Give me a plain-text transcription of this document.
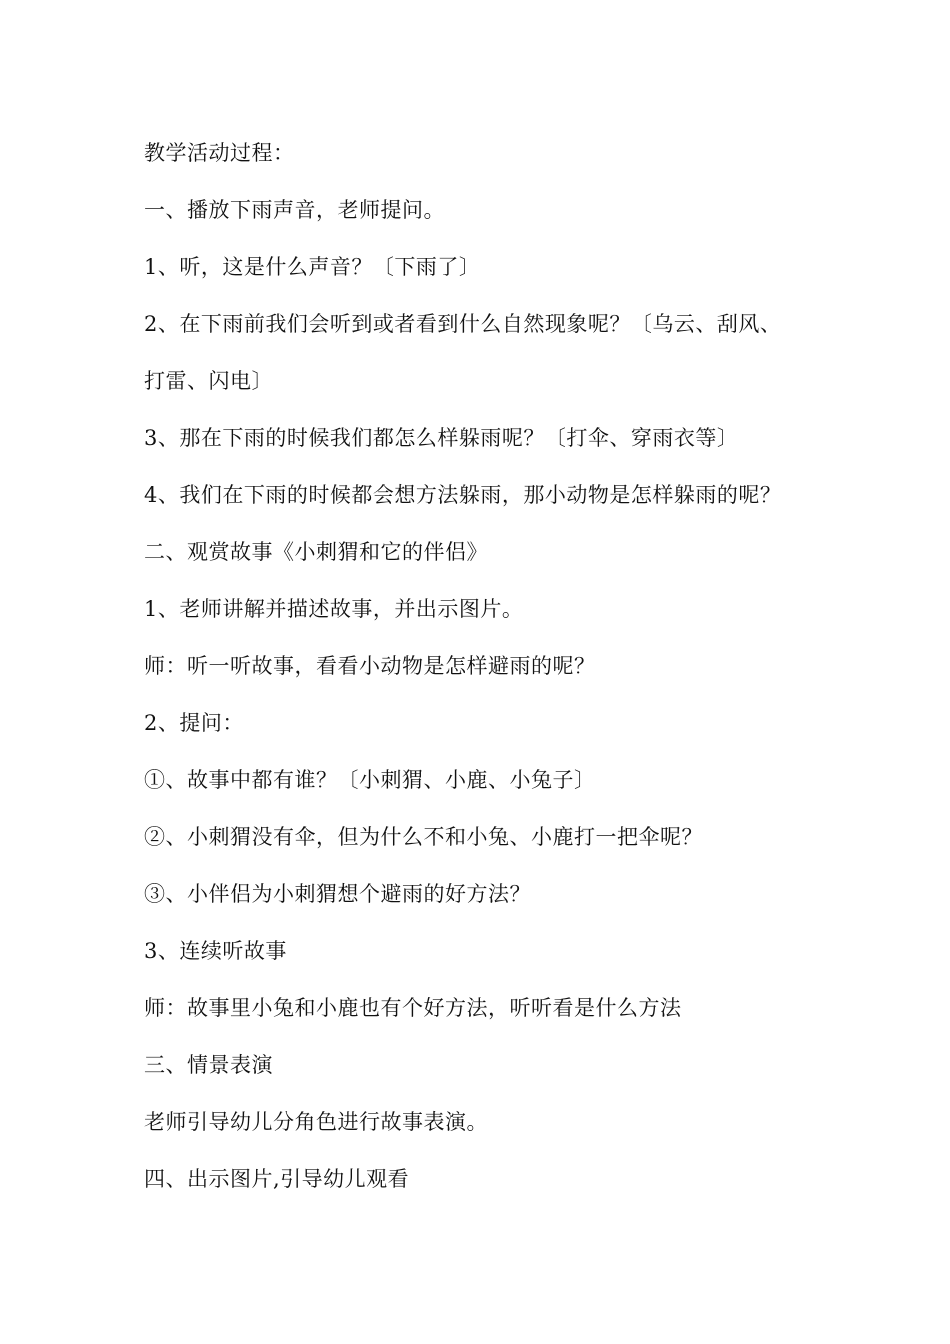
教学活动过程：
一、播放下雨声音，老师提问。
1、听，这是什么声音？〔下雨了〕
2、在下雨前我们会听到或者看到什么自然现象呢？〔乌云、刮风、
打雷、闪电〕
3、那在下雨的时候我们都怎么样躲雨呢？〔打伞、穿雨衣等〕
4、我们在下雨的时候都会想方法躲雨，那小动物是怎样躲雨的呢？
二、观赏故事《小刺猬和它的伴侣》
1、老师讲解并描述故事，并出示图片。
师：听一听故事，看看小动物是怎样避雨的呢？
2、提问：
①、故事中都有谁？〔小刺猬、小鹿、小兔子〕
②、小刺猬没有伞，但为什么不和小兔、小鹿打一把伞呢？
③、小伴侣为小刺猬想个避雨的好方法？
3、连续听故事
师：故事里小兔和小鹿也有个好方法，听听看是什么方法
三、情景表演
老师引导幼儿分角色进行故事表演。
四、出示图片,引导幼儿观看
